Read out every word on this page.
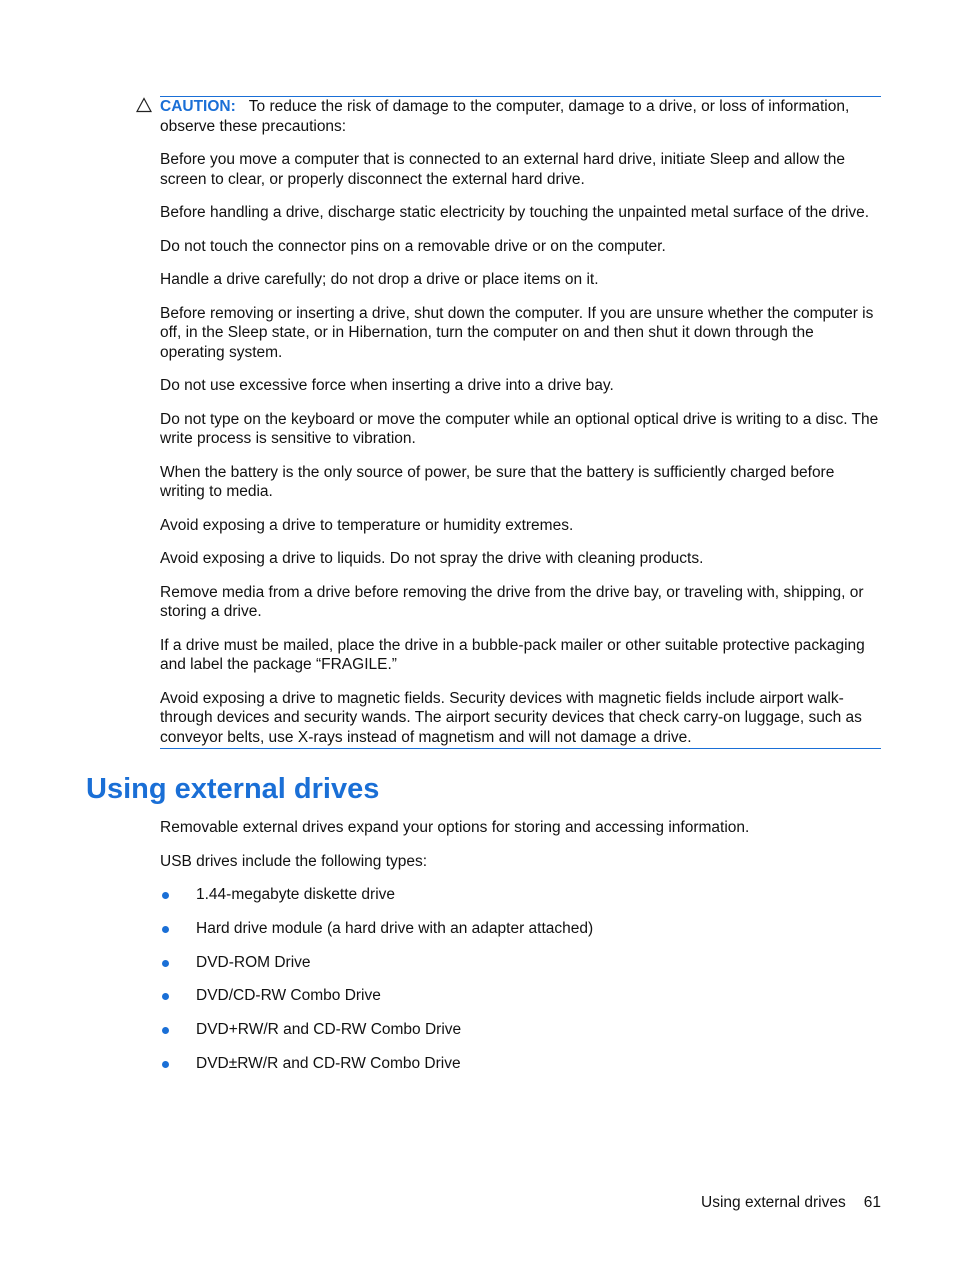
CAUTION: To reduce the risk of damage to the computer, damage to a drive, or loss of information, observe these precautions:

Before you move a computer that is connected to an external hard drive, initiate Sleep and allow the screen to clear, or properly disconnect the external hard drive.

Before handling a drive, discharge static electricity by touching the unpainted metal surface of the drive.

Do not touch the connector pins on a removable drive or on the computer.

Handle a drive carefully; do not drop a drive or place items on it.

Before removing or inserting a drive, shut down the computer. If you are unsure whether the computer is off, in the Sleep state, or in Hibernation, turn the computer on and then shut it down through the operating system.

Do not use excessive force when inserting a drive into a drive bay.

Do not type on the keyboard or move the computer while an optional optical drive is writing to a disc. The write process is sensitive to vibration.

When the battery is the only source of power, be sure that the battery is sufficiently charged before writing to media.

Avoid exposing a drive to temperature or humidity extremes.

Avoid exposing a drive to liquids. Do not spray the drive with cleaning products.

Remove media from a drive before removing the drive from the drive bay, or traveling with, shipping, or storing a drive.

If a drive must be mailed, place the drive in a bubble-pack mailer or other suitable protective packaging and label the package “FRAGILE.”

Avoid exposing a drive to magnetic fields. Security devices with magnetic fields include airport walk-through devices and security wands. The airport security devices that check carry-on luggage, such as conveyor belts, use X-rays instead of magnetism and will not damage a drive.

Using external drives

Removable external drives expand your options for storing and accessing information.

USB drives include the following types:

1.44-megabyte diskette drive
Hard drive module (a hard drive with an adapter attached)
DVD-ROM Drive
DVD/CD-RW Combo Drive
DVD+RW/R and CD-RW Combo Drive
DVD±RW/R and CD-RW Combo Drive
Using external drives 61
